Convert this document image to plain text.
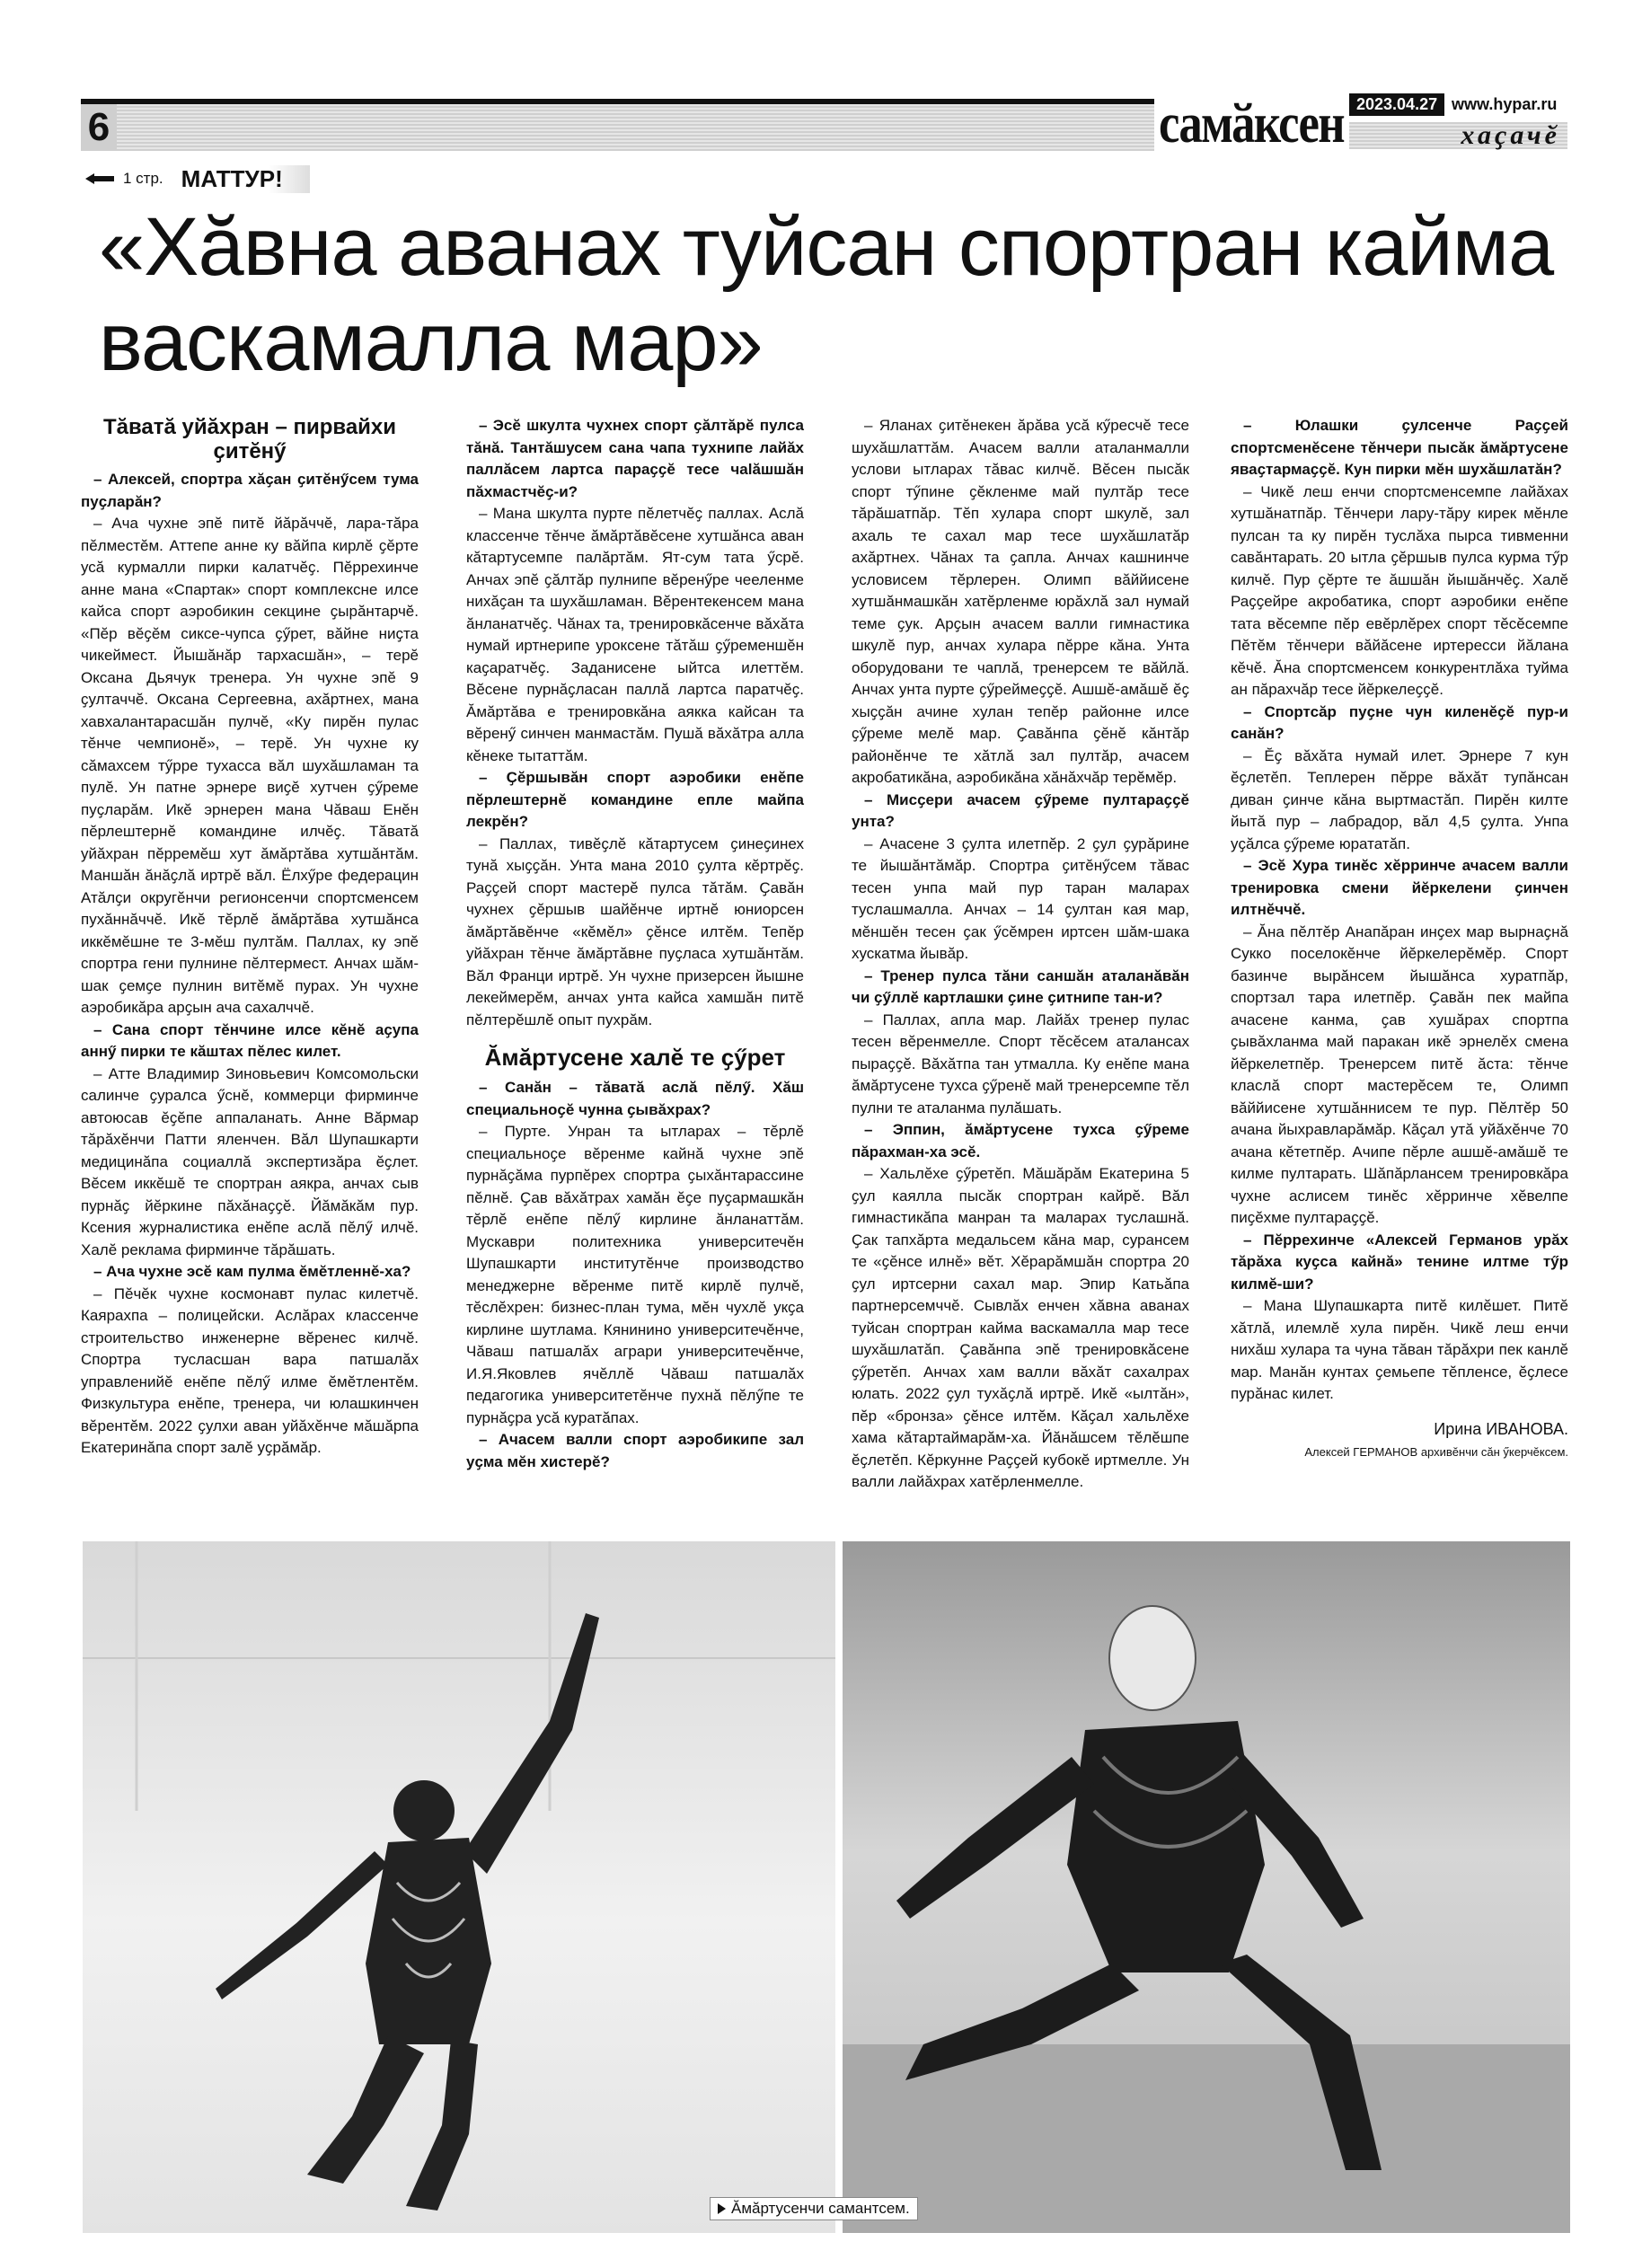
6	самӑксен 2023.04.27 www.hypar.ru
хаҫачӗ
1 стр. МАТТУР!
«Хӑвна аванах туйсан спортран кайма васкамалла мар»
Тӑватӑ уйӑхран – пирвайхи ҫитӗнӳ

– Алексей, спортра хӑҫан ҫитӗнӳсем тума пуҫларӑн?

– Ача чухне эпӗ питӗ йӑрӑччӗ, лара-тӑра пӗлместӗм. Аттепе анне ку вӑйпа кирлӗ ҫӗрте усӑ курмалли пирки калатчӗҫ. Пӗррехинче анне мана «Спартак» спорт комплексне илсе кайса спорт аэробикин секцине ҫырӑнтарчӗ. «Пӗр вӗҫӗм сиксе-чупса ҫӳрет, вӑйне ниҫта чикеймест. Йышӑнӑр тархасшӑн», – терӗ Оксана Дьячук тренера. Ун чухне эпӗ 9 ҫултаччӗ. Оксана Сергеевна, ахӑртнех, мана хавхалантарасшӑн пулчӗ, «Ку пирӗн пулас тӗнче чемпионӗ», – терӗ. Ун чухне ку сӑмахсем тӳрре тухасса вӑл шухӑшламан та пулӗ. Ун патне эрнере виҫӗ хутчен ҫӳреме пуҫларӑм. Икӗ эрнерен мана Чӑваш Енӗн пӗрлештернӗ командине илчӗҫ. Тӑватӑ уйӑхран пӗрремӗш хут ӑмӑртӑва хутшӑнтӑм. Маншӑн ӑнӑҫлӑ иртрӗ вӑл. Ёлхӳре федерацин Атӑлҫи округӗнчи регионсенчи спортсменсем пухӑннӑччӗ. Икӗ тӗрлӗ ӑмӑртӑва хутшӑнса иккӗмӗшне те 3-мӗш пултӑм. Паллах, ку эпӗ спортра гени пулнине пӗлтермест. Анчах шӑм-шак ҫемҫе пулнин витӗмӗ пурах. Ун чухне аэробикӑра арҫын ача сахалччӗ.

– Сана спорт тӗнчине илсе кӗнӗ аҫупа аннӳ пирки те кӑштах пӗлес килет.

– Атте Владимир Зиновьевич Комсомольски салинче ҫуралса ӳснӗ, коммерци фирминче автоюсав ӗҫӗпе аппаланать. Анне Вӑрмар тӑрӑхӗнчи Патти яленчен. Вӑл Шупашкарти медицинӑпа социаллӑ экспертизӑра ӗҫлет. Вӗсем иккӗшӗ те спортран аякра, анчах сыв пурнӑҫ йӗркине пӑхӑнаҫҫӗ. Йӑмӑкӑм пур. Ксения журналистика енӗпе аслӑ пӗлӳ илчӗ. Халӗ реклама фирминче тӑрӑшать.

– Ача чухне эсӗ кам пулма ӗмӗтленнӗ-ха?

– Пӗчӗк чухне космонавт пулас килетчӗ. Каярахпа – полицейски. Аслӑрах классенче строительство инженерне вӗренес килчӗ. Спортра тусласшан вара патшалӑх управленийӗ енӗпе пӗлӳ илме ӗмӗтлентӗм. Физкультура енӗпе, тренера, чи юлашкинчен вӗрентӗм. 2022 ҫулхи аван уйӑхӗнче мӑшӑрпа Екатеринӑпа спорт залӗ уҫрӑмӑр.

– Эсӗ шкулта чухнех спорт ҫӑлтӑрӗ пулса тӑнӑ. Тантӑшусем сана чапа тухнипе лайӑх паллӑсем лартса параҫҫӗ тесе чаlӑшшӑн пӑхмастчӗҫ-и?

– Мана шкулта пурте пӗлетчӗҫ паллах. Аслӑ классенче тӗнче ӑмӑртӑвӗсене хутшӑнса аван кӑтартусемпе палӑртӑм. Ят-сум тата ӳсрӗ. Анчах эпӗ ҫӑлтӑр пулнипе вӗренӳре чееленме нихӑҫан та шухӑшламан. Вӗрентекенсем мана ӑнланатчӗҫ. Чӑнах та, тренировкӑсенче вӑхӑта нумай иртнерипе уроксене тӑтӑш ҫӳременшӗн каҫаратчӗҫ. Заданисене ыйтса илеттӗм. Вӗсене пурнӑҫласан паллӑ лартса паратчӗҫ. Ӑмӑртӑва е тренировкӑна аякка кайсан та вӗренӳ синчен манмастӑм. Пушӑ вӑхӑтра алла кӗнеке тытаттӑм.

– Ҫӗршывӑн спорт аэробики енӗпе пӗрлештернӗ командине епле майпа лекрӗн?

– Паллах, тивӗҫлӗ кӑтартусем ҫинеҫинех тунӑ хыҫҫӑн. Унта мана 2010 ҫулта кӗртрӗҫ. Раҫҫей спорт мастерӗ пулса тӑтӑм. Ҫавӑн чухнех ҫӗршыв шайӗнче иртнӗ юниорсен ӑмӑртӑвӗнче «кӗмӗл» ҫӗнсе илтӗм. Тепӗр уйӑхран тӗнче ӑмӑртӑвне пуҫласа хутшӑнтӑм. Вӑл Франци иртрӗ. Ун чухне призерсен йышне лекеймерӗм, анчах унта кайса хамшӑн питӗ пӗлтерӗшлӗ опыт пухрӑм.

Ӑмӑртусене халӗ те ҫӳрет

– Санӑн – тӑватӑ аслӑ пӗлӳ. Хӑш специальноҫӗ чунна ҫывӑхрах?

– Пурте. Унран та ытларах – тӗрлӗ специальноҫе вӗренме кайнӑ чухне эпӗ пурнӑҫӑма пурпӗрех спортра ҫыхӑнтарассине пӗлнӗ. Ҫав вӑхӑтрах хамӑн ӗҫе пуҫармашкӑн тӗрлӗ енӗпе пӗлӳ кирлине ӑнланаттӑм. Мускаври политехника университечӗн Шупашкарти институтӗнче производство менеджерне вӗренме питӗ кирлӗ пулчӗ, тӗслӗхрен: бизнес-план тума, мӗн чухлӗ укҫа кирлине шутлама. Кянинино университечӗнче, Чӑваш патшалӑх аграри университечӗнче, И.Я.Яковлев ячӗллӗ Чӑваш патшалӑх педагогика университетӗнче пухнӑ пӗлӳпе те пурнӑҫра усӑ куратӑпах.

– Ачасем валли спорт аэробикипе зал уҫма мӗн хистерӗ?

– Яланах ҫитӗнекен ӑрӑва усӑ кӳресчӗ тесе шухӑшлаттӑм. Ачасем валли аталанмалли услови ытларах тӑвас килчӗ. Вӗсен пысӑк спорт тӳпине ҫӗкленме май пултӑр тесе тӑрӑшатпӑр. Тӗп хулара спорт шкулӗ, зал ахаль те сахал мар тесе шухӑшлатӑр ахӑртнех. Чӑнах та ҫапла. Анчах кашнинче условисем тӗрлерен. Олимп вӑййисене хутшӑнмашкӑн хатӗрленме юрӑхлӑ зал нумай теме ҫук. Арҫын ачасем валли гимнастика шкулӗ пур, анчах хулара пӗрре кӑна. Унта оборудовани те чаплӑ, тренерсем те вӑйлӑ. Анчах унта пурте ҫӳреймеҫҫӗ. Ашшӗ-амӑшӗ ӗҫ хыҫҫӑн ачине хулан тепӗр районне илсе ҫӳреме мелӗ мар. Ҫавӑнпа ҫӗнӗ кӑнтӑр районӗнче те хӑтлӑ зал пултӑр, ачасем акробатикӑна, аэробикӑна хӑнӑхчӑр терӗмӗр.

– Мисҫери ачасем ҫӳреме пултараҫҫӗ унта?

– Ачасене 3 ҫулта илетпӗр. 2 ҫул ҫурӑрине те йышӑнтӑмӑр. Спортра ҫитӗнӳсем тӑвас тесен унпа май пур таран маларах туслашмалла. Анчах – 14 ҫултан кая мар, мӗншӗн тесен ҫак ӳсӗмрен иртсен шӑм-шака хускатма йывӑр.

– Тренер пулса тӑни саншӑн аталанӑвӑн чи ҫӳллӗ картлашки ҫине ҫитнипе тан-и?

– Паллах, апла мар. Лайӑх тренер пулас тесен вӗренмелле. Спорт тӗсӗсем аталансах пыраҫҫӗ. Вӑхӑтпа тан утмалла. Ку енӗпе мана ӑмӑртусене тухса ҫӳренӗ май тренерсемпе тӗл пулни те аталанма пулӑшать.

– Эппин, ӑмӑртусене тухса ҫӳреме пӑрахман-ха эсӗ.

– Хальлӗхе ҫӳретӗп. Мӑшӑрӑм Екатерина 5 ҫул каялла пысӑк спортран кайрӗ. Вӑл гимнастикӑпа манран та маларах туслашнӑ. Ҫак тапхӑрта медальсем кӑна мар, сурансем те «ҫӗнсе илнӗ» вӗт. Хӗрарӑмшӑн спортра 20 ҫул иртсерни сахал мар. Эпир Катьӑпа партнерсемччӗ. Сывлӑх енчен хӑвна аванах туйсан спортран кайма васкамалла мар тесе шухӑшлатӑп. Ҫавӑнпа эпӗ тренировкӑсене ҫӳретӗп. Анчах хам валли вӑхӑт сахалрах юлать. 2022 ҫул тухӑҫлӑ иртрӗ. Икӗ «ылтӑн», пӗр «бронза» ҫӗнсе илтӗм. Кӑҫал хальлӗхе хама кӑтартаймарӑм-ха. Йӑнӑшсем тӗлӗшпе ӗҫлетӗп. Кӗркунне Раҫҫей кубокӗ иртмелле. Ун валли лайӑхрах хатӗрленмелле.

– Юлашки ҫулсенче Раҫҫей спортсменӗсене тӗнчери пысӑк ӑмӑртусене яваҫтармаҫҫӗ. Кун пирки мӗн шухӑшлатӑн?

– Чикӗ леш енчи спортсменсемпе лайӑхах хутшӑнатпӑр. Тӗнчери лару-тӑру кирек мӗнле пулсан та ку пирӗн туслӑха пырса тивменни савӑнтарать. 20 ытла ҫӗршыв пулса курма тӳр килчӗ. Пур ҫӗрте те ӑшшӑн йышӑнчӗҫ. Халӗ Раҫҫейре акробатика, спорт аэробики енӗпе тата вӗсемпе пӗр евӗрлӗрех спорт тӗсӗсемпе Пӗтӗм тӗнчери вӑйӑсене иртересси йӑлана кӗчӗ. Ӑна спортсменсем конкурентлӑха туйма ан пӑрахчӑр тесе йӗркелеҫҫӗ.

– Спортсӑр пуҫне чун киленӗҫӗ пур-и санӑн?

– Ӗҫ вӑхӑта нумай илет. Эрнере 7 кун ӗҫлетӗп. Теплерен пӗрре вӑхӑт тупӑнсан диван ҫинче кӑна выртмастӑп. Пирӗн килте йытӑ пур – лабрадор, вӑл 4,5 ҫулта. Унпа уҫӑлса ҫӳреме юрататӑп.

– Эсӗ Хура тинӗс хӗрринче ачасем валли тренировка смени йӗркелени ҫинчен илтнӗччӗ.

– Ӑна пӗлтӗр Анапӑран инҫех мар вырнаҫнӑ Сукко поселокӗнче йӗркелерӗмӗр. Спорт базинче вырӑнсем йышӑнса хуратпӑр, спортзал тара илетпӗр. Ҫавӑн пек майпа ачасене канма, ҫав хушӑрах спортпа ҫывӑхланма май паракан икӗ эрнелӗх смена йӗркелетпӗр. Тренерсем питӗ ӑста: тӗнче класлӑ спорт мастерӗсем те, Олимп вӑййисене хутшӑннисем те пур. Пӗлтӗр 50 ачана йыхравларӑмӑр. Кӑҫал утӑ уйӑхӗнче 70 ачана кӗтетпӗр. Ачипе пӗрле ашшӗ-амӑшӗ те килме пултарать. Шӑпӑрлансем тренировкӑра чухне аслисем тинӗс хӗрринче хӗвелпе пиҫӗхме пултараҫҫӗ.

– Пӗррехинче «Алексей Германов урӑх тӑрӑха куҫса кайнӑ» тенине илтме тӳр килмӗ-ши?

– Мана Шупашкарта питӗ килӗшет. Питӗ хӑтлӑ, илемлӗ хула пирӗн. Чикӗ леш енчи нихӑш хулара та чуна тӑван тӑрӑхри пек канлӗ мар. Манӑн кунтах ҫемьепе тӗпленсе, ӗҫлесе пурӑнас килет.

Ирина ИВАНОВА.
Алексей ГЕРМАНОВ архивӗнчи сӑн ӳкерчӗксем.
Ӑмӑртусенчи самантсем.
